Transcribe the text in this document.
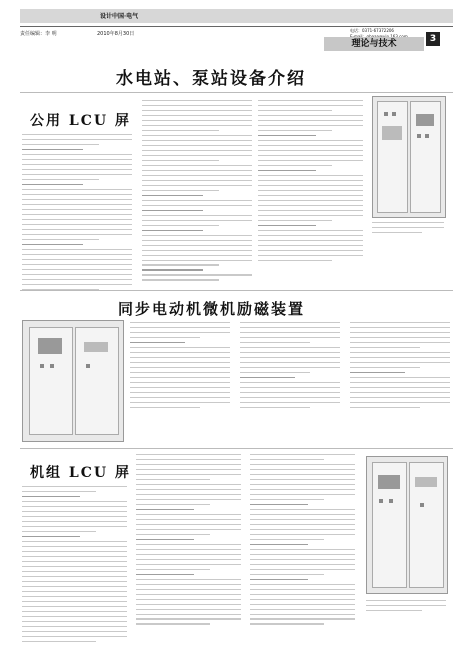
设计中国·电气
责任编辑：李 明	2010年8月30日
电话：0371-67372206
理论与技术	3
水电站、泵站设备介绍
公用 LCU 屏
同步电动机微机励磁装置
机组 LCU 屏
